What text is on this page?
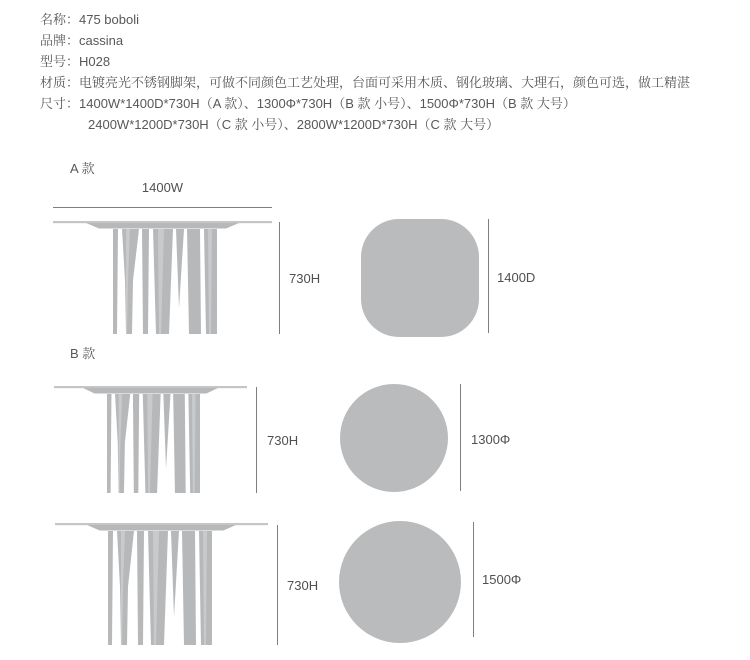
名称：475 boboli
品牌：cassina
型号：H028
材质：电镀亮光不锈钢脚架，可做不同颜色工艺处理，台面可采用木质、钢化玻璃、大理石，颜色可选，做工精湛
尺寸：1400W*1400D*730H（A 款）、1300Φ*730H（B 款 小号）、1500Φ*730H（B 款 大号）
2400W*1200D*730H（C 款 小号）、2800W*1200D*730H（C 款 大号）
A 款
1400W
730H	1400D
B 款
730H	1300Φ
730H	1500Φ
